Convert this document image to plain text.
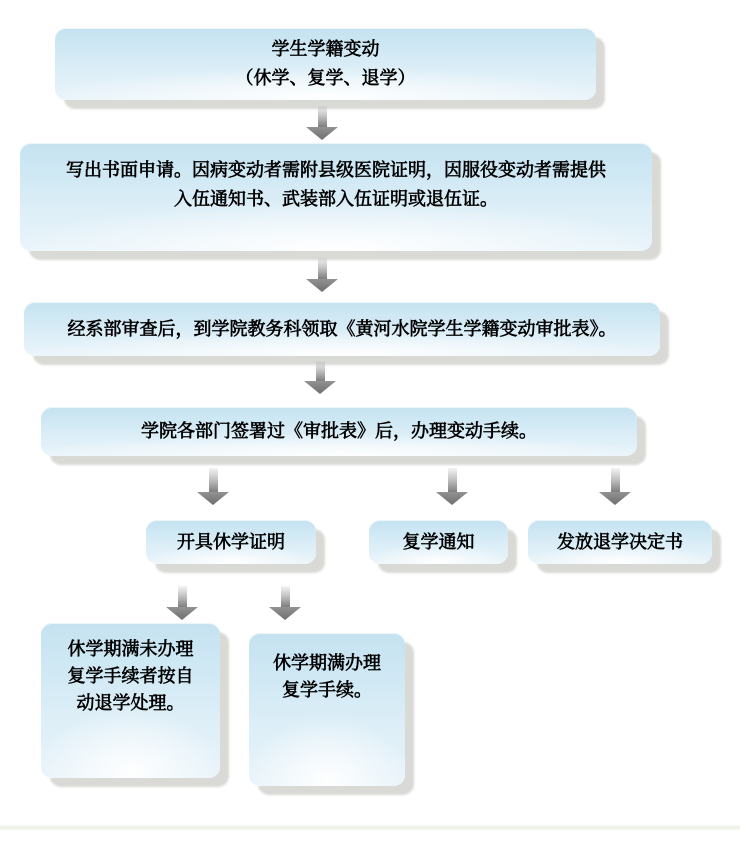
学生学籍变动
（休学、复学、退学）
写出书面申请。因病变动者需附县级医院证明，因服役变动者需提供
入伍通知书、武装部入伍证明或退伍证。
经系部审查后，到学院教务科领取《黄河水院学生学籍变动审批表》。
学院各部门签署过《审批表》后，办理变动手续。
开具休学证明	复学通知	发放退学决定书
休学期满未办理
复学手续者按自
动退学处理。
休学期满办理
复学手续。
